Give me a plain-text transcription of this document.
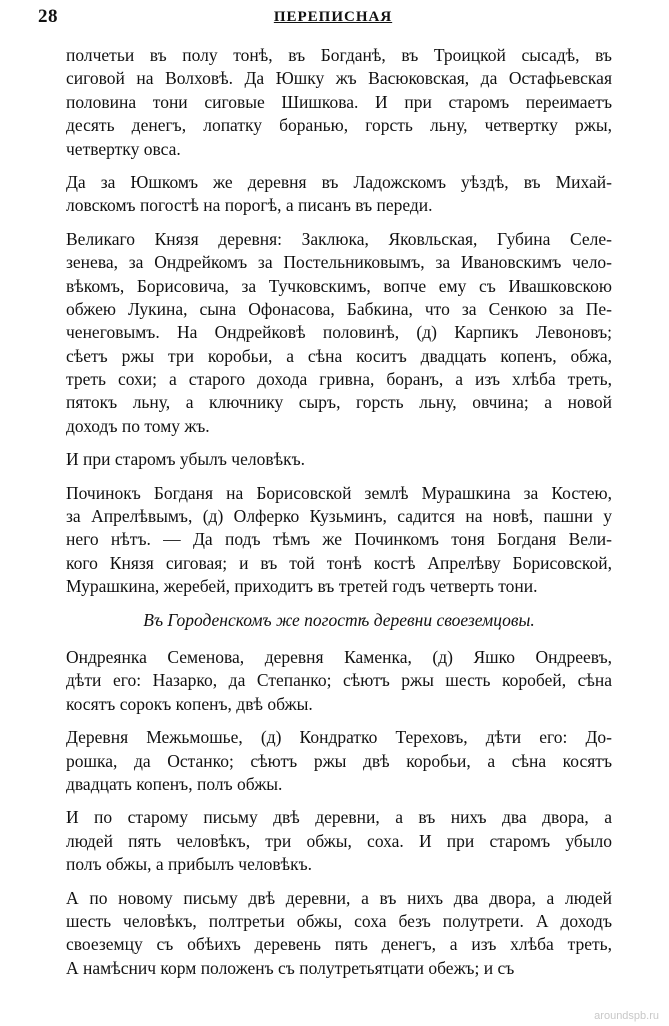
28	ПЕРЕПИСНАЯ
полчетьи въ полу тонѣ, въ Богданѣ, въ Троицкой сысадѣ, въ
сиговой на Волховѣ. Да Юшку жъ Васюковская, да Остафьевская
половина тони сиговые Шишкова. И при старомъ переимаетъ
десять денегъ, лопатку боранью, горсть льну, четвертку ржы,
четвертку овса.
Да за Юшкомъ же деревня въ Ладожскомъ уѣздѣ, въ Михай-
ловскомъ погостѣ на порогѣ, а писанъ въ переди.
Великаго Князя деревня: Заклюка, Яковльская, Губина Селе-
зенева, за Ондрейкомъ за Постельниковымъ, за Ивановскимъ чело-
вѣкомъ, Борисовича, за Тучковскимъ, вопче ему съ Ивашковскою
обжею Лукина, сына Офонасова, Бабкина, что за Сенкою за Пе-
ченеговымъ. На Ондрейковѣ половинѣ, (д) Карпикъ Левоновъ;
сѣетъ ржы три коробьи, а сѣна коситъ двадцать копенъ, обжа,
треть сохи; а старого дохода гривна, боранъ, а изъ хлѣба треть,
пятокъ льну, а ключнику сыръ, горсть льну, овчина; а новой
доходъ по тому жъ.
И при старомъ убылъ человѣкъ.
Починокъ Богданя на Борисовской землѣ Мурашкина за Костею,
за Апрелѣвымъ, (д) Олферко Кузьминъ, садится на новѣ, пашни у
него нѣтъ. — Да подъ тѣмъ же Починкомъ тоня Богданя Вели-
кого Князя сиговая; и въ той тонѣ костѣ Апрелѣву Борисовской,
Мурашкина, жеребей, приходитъ въ третей годъ четверть тони.
Въ Городенскомъ же погостѣ деревни своеземцовы.
Ондреянка Семенова, деревня Каменка, (д) Яшко Ондреевъ,
дѣти его: Назарко, да Степанко; сѣютъ ржы шесть коробей, сѣна
косятъ сорокъ копенъ, двѣ обжы.
Деревня Межьмошье, (д) Кондратко Тереховъ, дѣти его: До-
рошка, да Останко; сѣютъ ржы двѣ коробьи, а сѣна косятъ
двадцать копенъ, полъ обжы.
И по старому письму двѣ деревни, а въ нихъ два двора, а
людей пять человѣкъ, три обжы, соха. И при старомъ убыло
полъ обжы, а прибылъ человѣкъ.
А по новому письму двѣ деревни, а въ нихъ два двора, а людей
шесть человѣкъ, полтретьи обжы, соха безъ полутрети. А доходъ
своеземцу съ обѣихъ деревень пять денегъ, а изъ хлѣба треть,
А намѣснич корм положенъ съ полутретьятцати обежъ; и съ
aroundspb.ru
